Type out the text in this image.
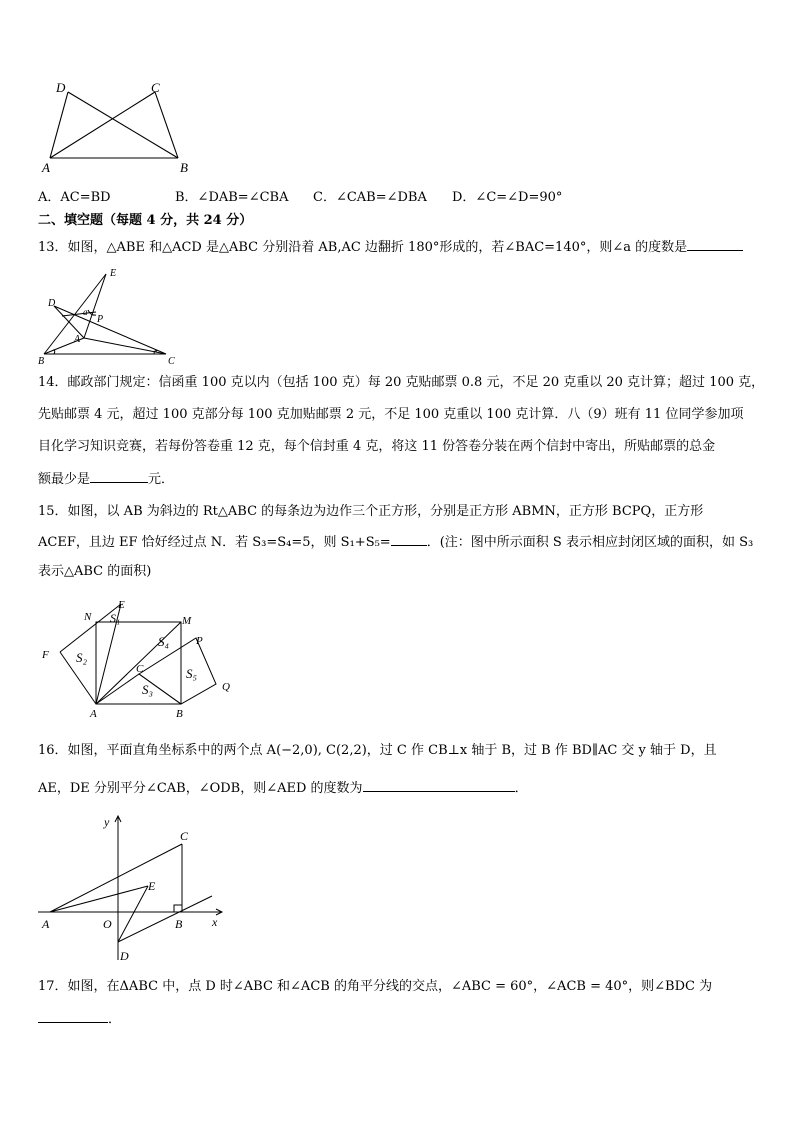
D	C
A	B
A．AC=BD	B．∠DAB=∠CBA C．∠CAB=∠DBA D．∠C=∠D=90°
二、填空题（每题 4 分，共 24 分）
13．如图，△ABE 和△ACD 是△ABC 分别沿着 AB,AC 边翻折 180°形成的，若∠BAC=140°，则∠a 的度数是
E
D
a
P
A
B	C
14．邮政部门规定：信函重 100 克以内（包括 100 克）每 20 克贴邮票 0.8 元，不足 20 克重以 20 克计算；超过 100 克，
先贴邮票 4 元，超过 100 克部分每 100 克加贴邮票 2 元，不足 100 克重以 100 克计算．八（9）班有 11 位同学参加项
目化学习知识竞赛，若每份答卷重 12 克，每个信封重 4 克，将这 11 份答卷分装在两个信封中寄出，所贴邮票的总金
额最少是	元．
15．如图，以 AB 为斜边的 Rt△ABC 的每条边为边作三个正方形，分别是正方形 ABMN，正方形 BCPQ，正方形
ACEF，且边 EF 恰好经过点 N．若 S₃=S₄=5，则 S₁+S₅=	．(注：图中所示面积 S 表示相应封闭区域的面积，如 S₃
表示△ABC 的面积)
E
N S₁	M
P
F S₂
S₄
C	S₅
S₃	Q
A	B
16．如图，平面直角坐标系中的两个点 A(−2,0), C(2,2)，过 C 作 CB⊥x 轴于 B，过 B 作 BD∥AC 交 y 轴于 D，且
AE，DE 分别平分∠CAB，∠ODB，则∠AED 的度数为	．
y
C
E
A	O	B x
D
17．如图，在ΔABC 中，点 D 时∠ABC 和∠ACB 的角平分线的交点，∠ABC = 60°，∠ACB = 40°，则∠BDC 为
．
